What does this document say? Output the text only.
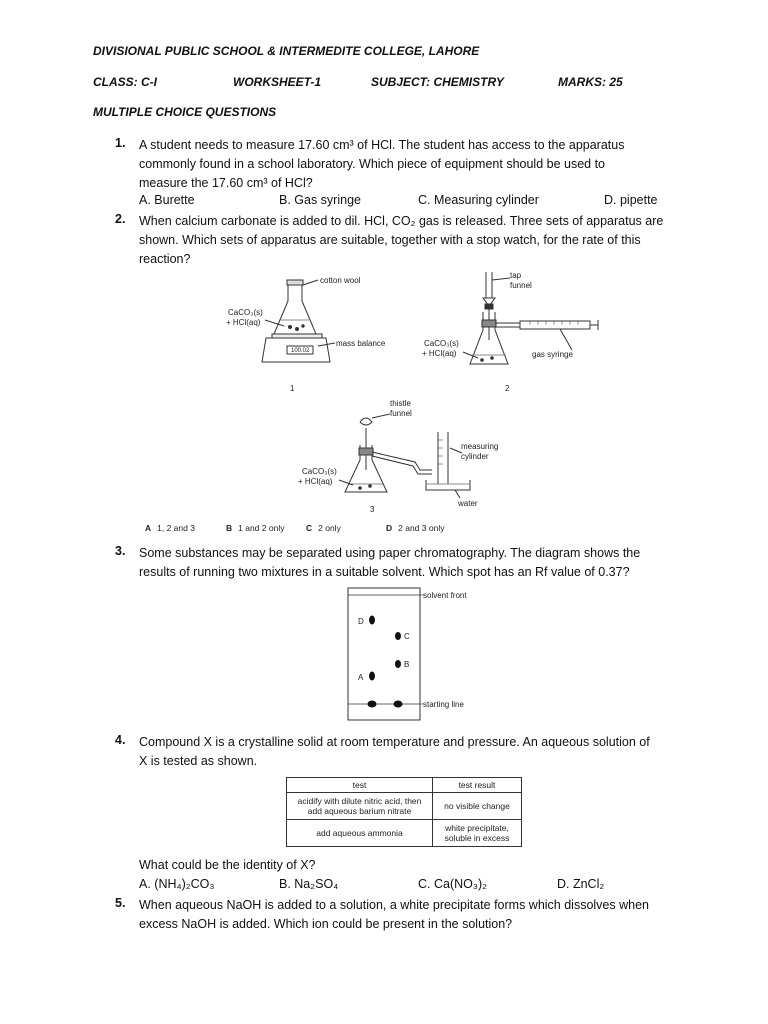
DIVISIONAL PUBLIC SCHOOL & INTERMEDITE COLLEGE, LAHORE
CLASS: C-I	WORKSHEET-1	SUBJECT: CHEMISTRY	MARKS: 25
MULTIPLE CHOICE QUESTIONS
1. A student needs to measure 17.60 cm³ of HCl. The student has access to the apparatus
commonly found in a school laboratory. Which piece of equipment should be used to
measure the 17.60 cm³ of HCl?
A. Burette	B. Gas syringe	C. Measuring cylinder	D. pipette
2. When calcium carbonate is added to dil. HCl, CO₂ gas is released. Three sets of apparatus are
shown. Which sets of apparatus are suitable, together with a stop watch, for the rate of this
reaction?
cotton wool
CaCO₃(s)
+ HCl(aq)
100.02
mass balance
1
tap
funnel
CaCO₃(s)
+ HCl(aq)	gas syringe
2
thistle
funnel
measuring
cylinder
CaCO₃(s)
+ HCl(aq)
water
3
A 1, 2 and 3	B 1 and 2 only	C 2 only	D 2 and 3 only
3. Some substances may be separated using paper chromatography. The diagram shows the
results of running two mixtures in a suitable solvent. Which spot has an Rf value of 0.37?
D
C
B
A
solvent front
starting line
4. Compound X is a crystalline solid at room temperature and pressure. An aqueous solution of
X is tested as shown.
test	test result
acidify with dilute nitric acid, then add aqueous barium nitrate	no visible change
add aqueous ammonia	white precipitate, soluble in excess
What could be the identity of X?
A. (NH₄)₂CO₃	B. Na₂SO₄	C. Ca(NO₃)₂	D. ZnCl₂
5. When aqueous NaOH is added to a solution, a white precipitate forms which dissolves when
excess NaOH is added. Which ion could be present in the solution?
